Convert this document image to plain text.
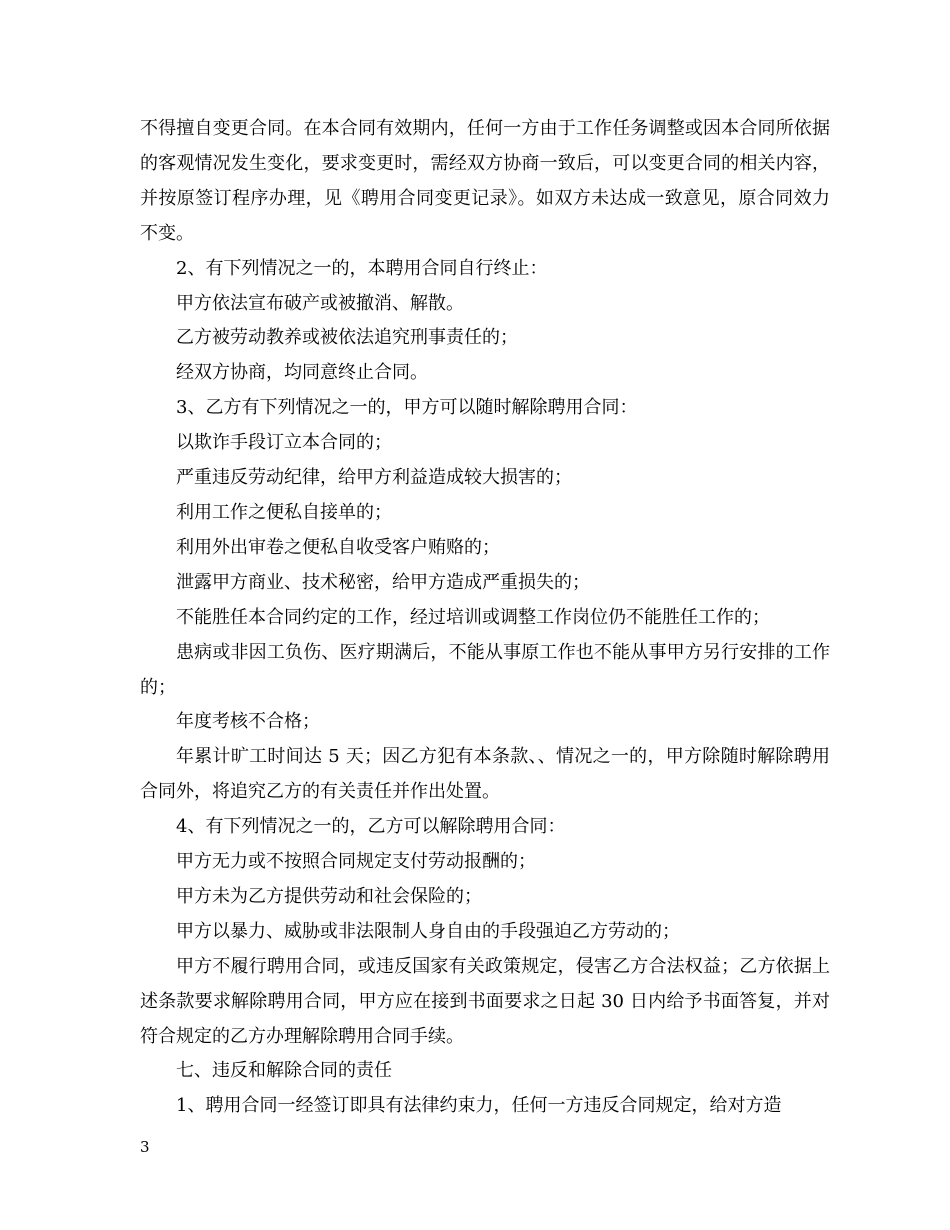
不得擅自变更合同。在本合同有效期内，任何一方由于工作任务调整或因本合同所依据的客观情况发生变化，要求变更时，需经双方协商一致后，可以变更合同的相关内容，并按原签订程序办理，见《聘用合同变更记录》。如双方未达成一致意见，原合同效力不变。

2、有下列情况之一的，本聘用合同自行终止：

甲方依法宣布破产或被撤消、解散。

乙方被劳动教养或被依法追究刑事责任的；

经双方协商，均同意终止合同。

3、乙方有下列情况之一的，甲方可以随时解除聘用合同：

以欺诈手段订立本合同的；

严重违反劳动纪律，给甲方利益造成较大损害的；

利用工作之便私自接单的；

利用外出审卷之便私自收受客户贿赂的；

泄露甲方商业、技术秘密，给甲方造成严重损失的；

不能胜任本合同约定的工作，经过培训或调整工作岗位仍不能胜任工作的；

患病或非因工负伤、医疗期满后，不能从事原工作也不能从事甲方另行安排的工作的；

年度考核不合格；

年累计旷工时间达 5 天；因乙方犯有本条款、、情况之一的，甲方除随时解除聘用合同外，将追究乙方的有关责任并作出处置。

4、有下列情况之一的，乙方可以解除聘用合同：

甲方无力或不按照合同规定支付劳动报酬的；

甲方未为乙方提供劳动和社会保险的；

甲方以暴力、威胁或非法限制人身自由的手段强迫乙方劳动的；

甲方不履行聘用合同，或违反国家有关政策规定，侵害乙方合法权益；乙方依据上述条款要求解除聘用合同，甲方应在接到书面要求之日起 30 日内给予书面答复，并对符合规定的乙方办理解除聘用合同手续。

七、违反和解除合同的责任

1、聘用合同一经签订即具有法律约束力，任何一方违反合同规定，给对方造

3
